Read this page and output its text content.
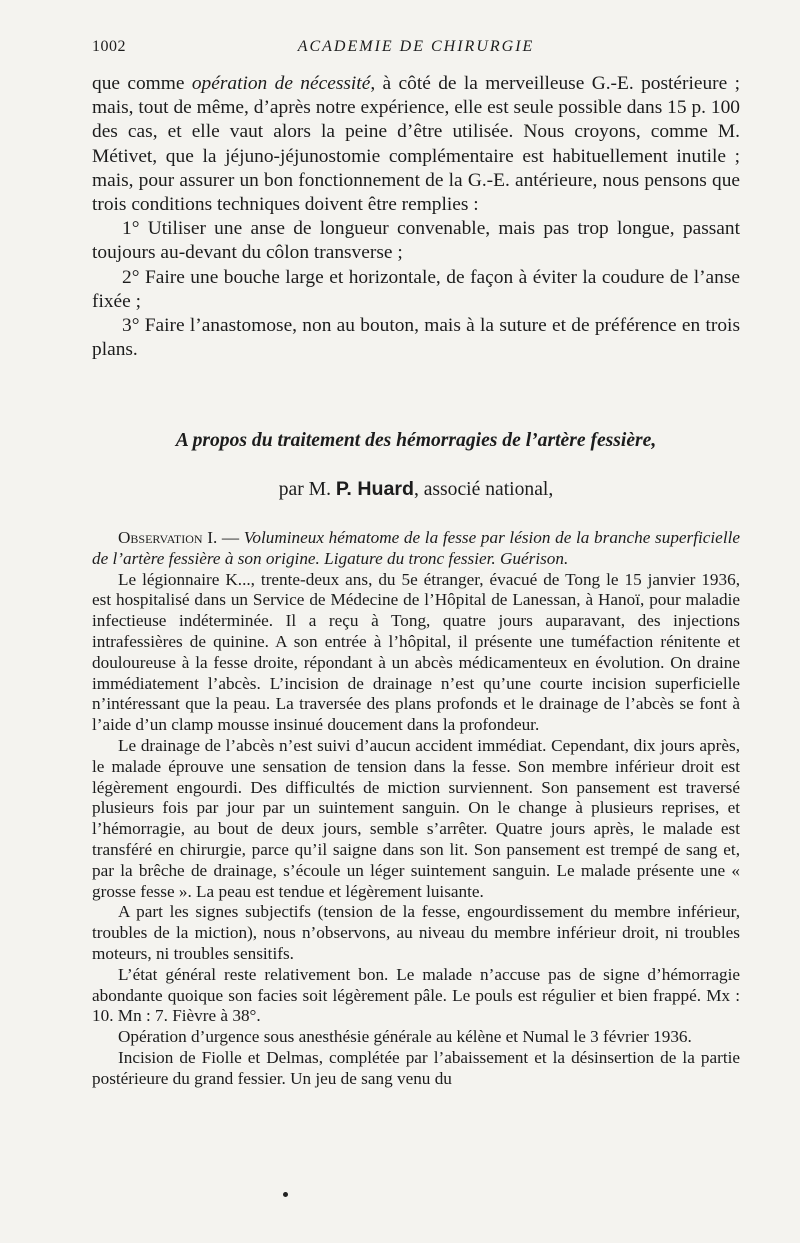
1002	ACADEMIE DE CHIRURGIE

que comme opération de nécessité, à côté de la merveilleuse G.-E. postérieure ; mais, tout de même, d’après notre expérience, elle est seule possible dans 15 p. 100 des cas, et elle vaut alors la peine d’être utilisée. Nous croyons, comme M. Métivet, que la jéjuno-jéjunostomie complémentaire est habituellement inutile ; mais, pour assurer un bon fonctionnement de la G.-E. antérieure, nous pensons que trois conditions techniques doivent être remplies :

1° Utiliser une anse de longueur convenable, mais pas trop longue, passant toujours au-devant du côlon transverse ;

2° Faire une bouche large et horizontale, de façon à éviter la coudure de l’anse fixée ;

3° Faire l’anastomose, non au bouton, mais à la suture et de préférence en trois plans.

A propos du traitement des hémorragies de l’artère fessière,
par M. P. Huard, associé national,

Observation I. — Volumineux hématome de la fesse par lésion de la branche superficielle de l’artère fessière à son origine. Ligature du tronc fessier. Guérison.

Le légionnaire K..., trente-deux ans, du 5e étranger, évacué de Tong le 15 janvier 1936, est hospitalisé dans un Service de Médecine de l’Hôpital de Lanessan, à Hanoï, pour maladie infectieuse indéterminée. Il a reçu à Tong, quatre jours auparavant, des injections intrafessières de quinine. A son entrée à l’hôpital, il présente une tuméfaction rénitente et douloureuse à la fesse droite, répondant à un abcès médicamenteux en évolution. On draine immédiatement l’abcès. L’incision de drainage n’est qu’une courte incision superficielle n’intéressant que la peau. La traversée des plans profonds et le drainage de l’abcès se font à l’aide d’un clamp mousse insinué doucement dans la profondeur.

Le drainage de l’abcès n’est suivi d’aucun accident immédiat. Cependant, dix jours après, le malade éprouve une sensation de tension dans la fesse. Son membre inférieur droit est légèrement engourdi. Des difficultés de miction surviennent. Son pansement est traversé plusieurs fois par jour par un suintement sanguin. On le change à plusieurs reprises, et l’hémorragie, au bout de deux jours, semble s’arrêter. Quatre jours après, le malade est transféré en chirurgie, parce qu’il saigne dans son lit. Son pansement est trempé de sang et, par la brêche de drainage, s’écoule un léger suintement sanguin. Le malade présente une « grosse fesse ». La peau est tendue et légèrement luisante.

A part les signes subjectifs (tension de la fesse, engourdissement du membre inférieur, troubles de la miction), nous n’observons, au niveau du membre inférieur droit, ni troubles moteurs, ni troubles sensitifs.

L’état général reste relativement bon. Le malade n’accuse pas de signe d’hémorragie abondante quoique son facies soit légèrement pâle. Le pouls est régulier et bien frappé. Mx : 10. Mn : 7. Fièvre à 38°.

Opération d’urgence sous anesthésie générale au kélène et Numal le 3 février 1936.

Incision de Fiolle et Delmas, complétée par l’abaissement et la désinsertion de la partie postérieure du grand fessier. Un jeu de sang venu du
